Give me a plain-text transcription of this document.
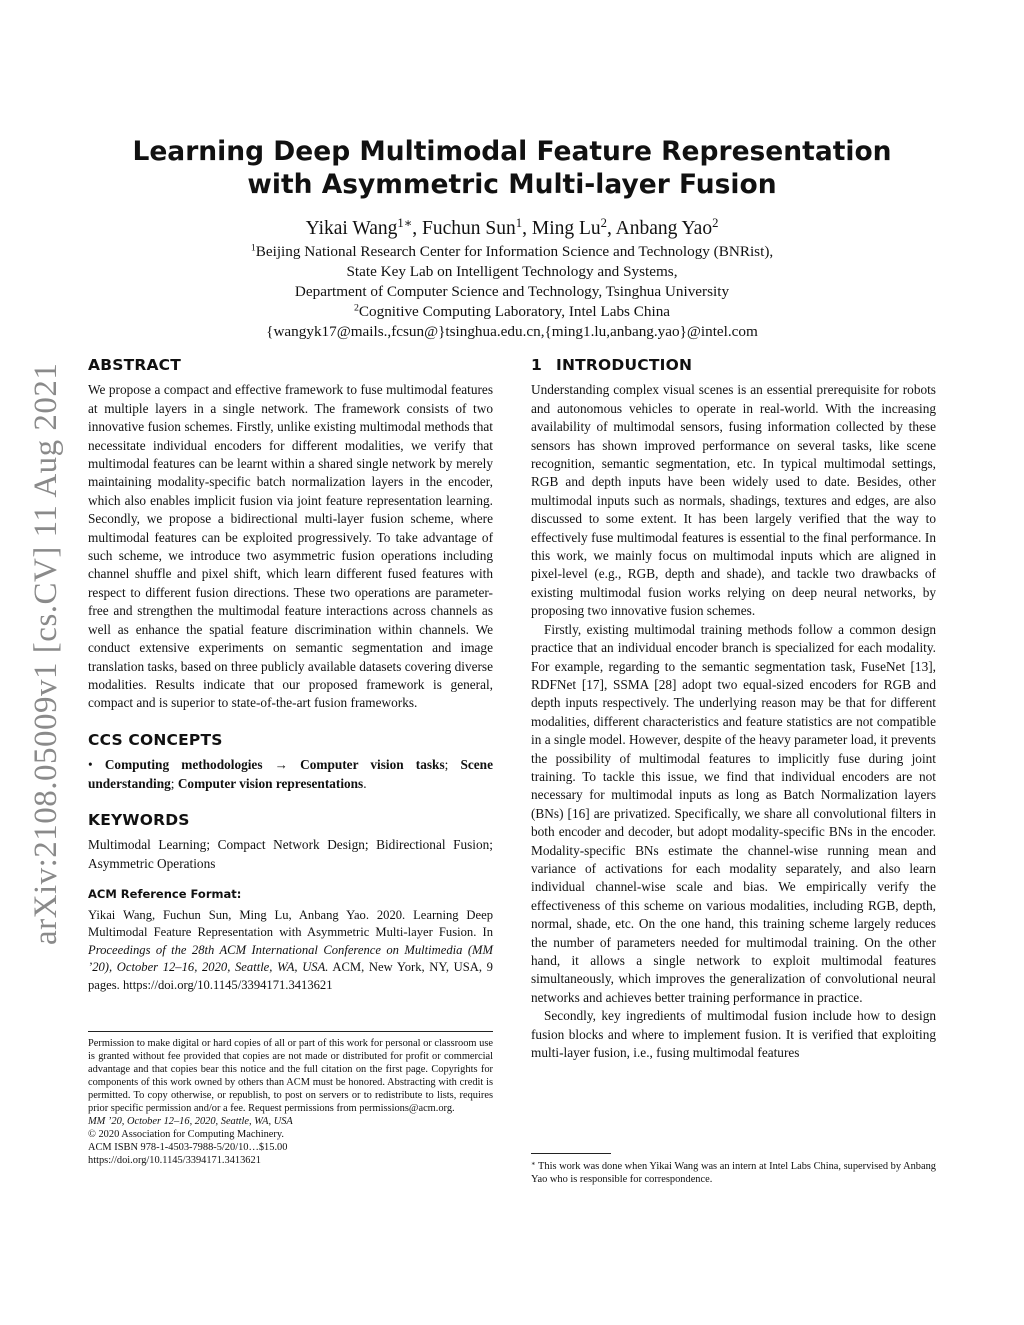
arXiv:2108.05009v1 [cs.CV] 11 Aug 2021
Learning Deep Multimodal Feature Representation
with Asymmetric Multi-layer Fusion
Yikai Wang$^{1∗}$, Fuchun Sun$^1$, Ming Lu$^2$, Anbang Yao$^2$
$^1$Beijing National Research Center for Information Science and Technology (BNRist),
State Key Lab on Intelligent Technology and Systems,
Department of Computer Science and Technology, Tsinghua University
$^2$Cognitive Computing Laboratory, Intel Labs China
{wangyk17@mails.,fcsun@}tsinghua.edu.cn,{ming1.lu,anbang.yao}@intel.com
ABSTRACT

We propose a compact and effective framework to fuse multimodal features at multiple layers in a single network. The framework consists of two innovative fusion schemes. Firstly, unlike existing multimodal methods that necessitate individual encoders for different modalities, we verify that multimodal features can be learnt within a shared single network by merely maintaining modality-specific batch normalization layers in the encoder, which also enables implicit fusion via joint feature representation learning. Secondly, we propose a bidirectional multi-layer fusion scheme, where multimodal features can be exploited progressively. To take advantage of such scheme, we introduce two asymmetric fusion operations including channel shuffle and pixel shift, which learn different fused features with respect to different fusion directions. These two operations are parameter-free and strengthen the multimodal feature interactions across channels as well as enhance the spatial feature discrimination within channels. We conduct extensive experiments on semantic segmentation and image translation tasks, based on three publicly available datasets covering diverse modalities. Results indicate that our proposed framework is general, compact and is superior to state-of-the-art fusion frameworks.

CCS CONCEPTS

• Computing methodologies → Computer vision tasks; Scene understanding; Computer vision representations.

KEYWORDS

Multimodal Learning; Compact Network Design; Bidirectional Fusion; Asymmetric Operations

ACM Reference Format:
Yikai Wang, Fuchun Sun, Ming Lu, Anbang Yao. 2020. Learning Deep Multimodal Feature Representation with Asymmetric Multi-layer Fusion. In Proceedings of the 28th ACM International Conference on Multimedia (MM ’20), October 12–16, 2020, Seattle, WA, USA. ACM, New York, NY, USA, 9 pages. https://doi.org/10.1145/3394171.3413621

Permission to make digital or hard copies of all or part of this work for personal or classroom use is granted without fee provided that copies are not made or distributed for profit or commercial advantage and that copies bear this notice and the full citation on the first page. Copyrights for components of this work owned by others than ACM must be honored. Abstracting with credit is permitted. To copy otherwise, or republish, to post on servers or to redistribute to lists, requires prior specific permission and/or a fee. Request permissions from permissions@acm.org.

MM ’20, October 12–16, 2020, Seattle, WA, USA
© 2020 Association for Computing Machinery.
ACM ISBN 978-1-4503-7988-5/20/10…$15.00
https://doi.org/10.1145/3394171.3413621
1 INTRODUCTION

Understanding complex visual scenes is an essential prerequisite for robots and autonomous vehicles to operate in real-world. With the increasing availability of multimodal sensors, fusing information collected by these sensors has shown improved performance on several tasks, like scene recognition, semantic segmentation, etc. In typical multimodal settings, RGB and depth inputs have been widely used to date. Besides, other multimodal inputs such as normals, shadings, textures and edges, are also discussed to some extent. It has been largely verified that the way to effectively fuse multimodal features is essential to the final performance. In this work, we mainly focus on multimodal inputs which are aligned in pixel-level (e.g., RGB, depth and shade), and tackle two drawbacks of existing multimodal fusion works relying on deep neural networks, by proposing two innovative fusion schemes.

Firstly, existing multimodal training methods follow a common design practice that an individual encoder branch is specialized for each modality. For example, regarding to the semantic segmentation task, FuseNet [13], RDFNet [17], SSMA [28] adopt two equal-sized encoders for RGB and depth inputs respectively. The underlying reason may be that for different modalities, different characteristics and feature statistics are not compatible in a single model. However, despite of the heavy parameter load, it prevents the possibility of multimodal features to implicitly fuse during joint training. To tackle this issue, we find that individual encoders are not necessary for multimodal inputs as long as Batch Normalization layers (BNs) [16] are privatized. Specifically, we share all convolutional filters in both encoder and decoder, but adopt modality-specific BNs in the encoder. Modality-specific BNs estimate the channel-wise running mean and variance of activations for each modality separately, and also learn individual channel-wise scale and bias. We empirically verify the effectiveness of this scheme on various modalities, including RGB, depth, normal, shade, etc. On the one hand, this training scheme largely reduces the number of parameters needed for multimodal training. On the other hand, it allows a single network to exploit multimodal features simultaneously, which improves the generalization of convolutional neural networks and achieves better training performance in practice.

Secondly, key ingredients of multimodal fusion include how to design fusion blocks and where to implement fusion. It is verified that exploiting multi-layer fusion, i.e., fusing multimodal features

∗ This work was done when Yikai Wang was an intern at Intel Labs China, supervised by Anbang Yao who is responsible for correspondence.
